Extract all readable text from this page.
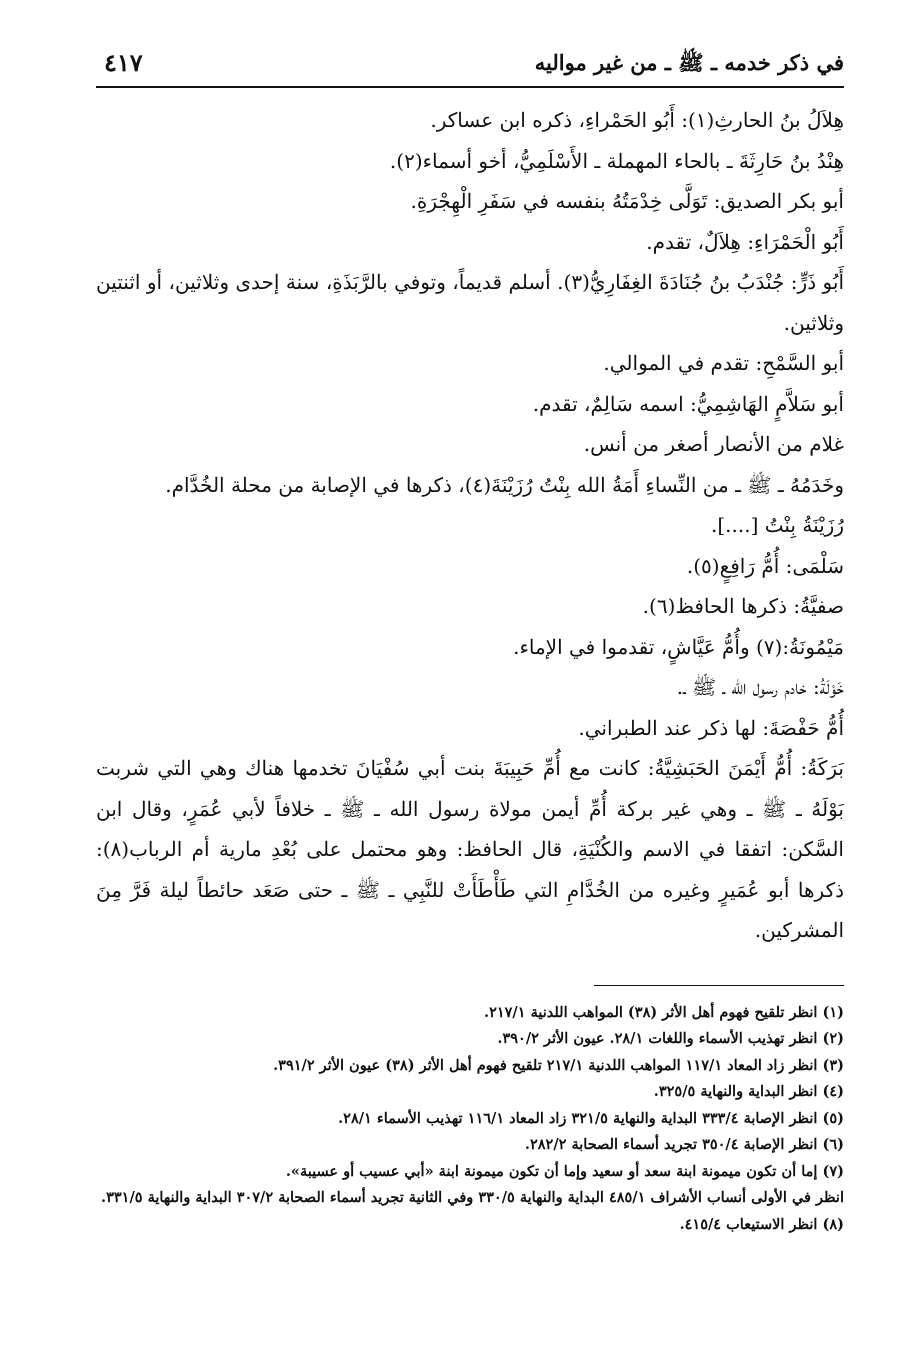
في ذكر خدمه ـ ﷺ ـ من غير مواليه
٤١٧

هِلاَلُ بنُ الحارثِ(١): أَبُو الحَمْراءِ، ذكره ابن عساكر.

هِنْدُ بنُ حَارِثَةَ ـ بالحاء المهملة ـ الأَسْلَمِيُّ، أخو أسماء(٢).

أبو بكر الصديق: تَوَلَّى خِدْمَتُهُ بنفسه في سَفَرِ الْهِجْرَةِ.

أَبُو الْحَمْرَاءِ: هِلاَلٌ، تقدم.

أَبُو ذَرٍّ: جُنْدَبُ بنُ جُنَادَةَ الغِفَارِيُّ(٣). أسلم قديماً، وتوفي بالرَّبَذَةِ، سنة إحدى وثلاثين، أو اثنتين وثلاثين.

أبو السَّمْحِ: تقدم في الموالي.

أبو سَلاَّمٍ الهَاشِمِيُّ: اسمه سَالِمٌ، تقدم.

غلام من الأنصار أصغر من أنس.

وخَدَمُهُ ـ ﷺ ـ من النِّساءِ أَمَةُ الله بِنْتُ رُزَيْنَةَ(٤)، ذكرها في الإصابة من محلة الخُدَّام.

رُزَيْنَةُ بِنْتُ [....].

سَلْمَى: أُمُّ رَافِعٍ(٥).

صفيَّةُ: ذكرها الحافظ(٦).

مَيْمُونَةُ:(٧) وأُمُّ عَيَّاشٍ، تقدموا في الإماء.

خَوْلَةُ: خادم رسول الله ـ ﷺ ـ.

أُمُّ حَفْصَةَ: لها ذكر عند الطبراني.

بَرَكَةُ: أُمُّ أَيْمَنَ الحَبَشِيَّةُ: كانت مع أُمِّ حَبِيبَةَ بنت أبي سُفْيَانَ تخدمها هناك وهي التي شربت بَوْلَهُ ـ ﷺ ـ وهي غير بركة أُمِّ أيمن مولاة رسول الله ـ ﷺ ـ خلافاً لأبي عُمَرٍ، وقال ابن السَّكن: اتفقا في الاسم والكُنْيَةِ، قال الحافظ: وهو محتمل على بُعْدِ مارية أم الرباب(٨): ذكرها أبو عُمَيرٍ وغيره من الخُدَّامِ التي طَأْطَأَتْ للنَّبِي ـ ﷺ ـ حتى صَعَد حائطاً ليلة فَرَّ مِنَ المشركين.

(١) انظر تلقيح فهوم أهل الأثر (٣٨) المواهب اللدنية ٢١٧/١.

(٢) انظر تهذيب الأسماء واللغات ٢٨/١. عيون الأثر ٣٩٠/٢.

(٣) انظر زاد المعاد ١١٧/١ المواهب اللدنية ٢١٧/١ تلقيح فهوم أهل الأثر (٣٨) عيون الأثر ٣٩١/٢.

(٤) انظر البداية والنهاية ٣٢٥/٥.

(٥) انظر الإصابة ٣٣٣/٤ البداية والنهاية ٣٢١/٥ زاد المعاد ١١٦/١ تهذيب الأسماء ٢٨/١.

(٦) انظر الإصابة ٣٥٠/٤ تجريد أسماء الصحابة ٢٨٢/٢.

(٧) إما أن تكون ميمونة ابنة سعد أو سعيد وإما أن تكون ميمونة ابنة «أبي عسيب أو عسيبة».

انظر في الأولى أنساب الأشراف ٤٨٥/١ البداية والنهاية ٣٣٠/٥ وفي الثانية تجريد أسماء الصحابة ٣٠٧/٢ البداية والنهاية ٣٣١/٥.

(٨) انظر الاستيعاب ٤١٥/٤.
